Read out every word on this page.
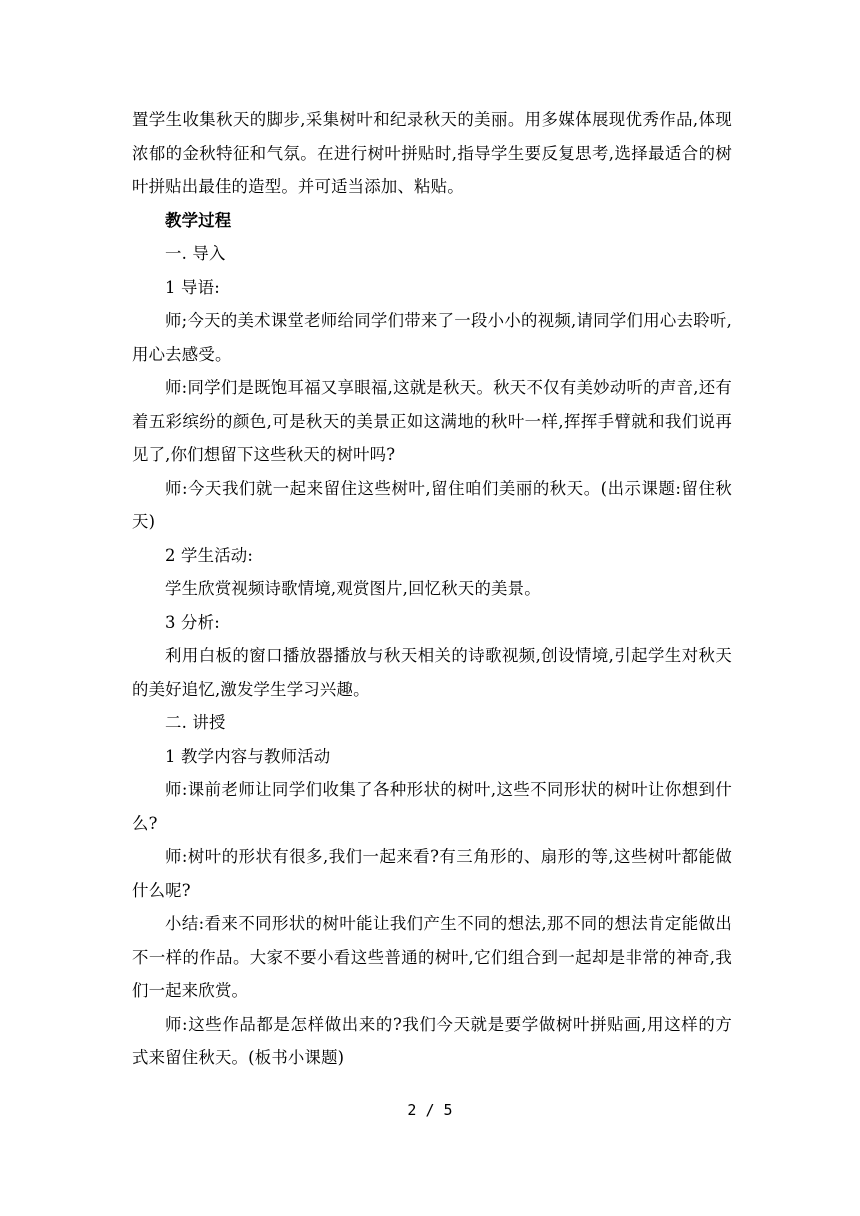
置学生收集秋天的脚步,采集树叶和纪录秋天的美丽。用多媒体展现优秀作品,体现浓郁的金秋特征和气氛。在进行树叶拼贴时,指导学生要反复思考,选择最适合的树叶拼贴出最佳的造型。并可适当添加、粘贴。

教学过程

一. 导入

1 导语:

师;今天的美术课堂老师给同学们带来了一段小小的视频,请同学们用心去聆听,用心去感受。

师:同学们是既饱耳福又享眼福,这就是秋天。秋天不仅有美妙动听的声音,还有着五彩缤纷的颜色,可是秋天的美景正如这满地的秋叶一样,挥挥手臂就和我们说再见了,你们想留下这些秋天的树叶吗?

师:今天我们就一起来留住这些树叶,留住咱们美丽的秋天。(出示课题:留住秋天)

2 学生活动:

学生欣赏视频诗歌情境,观赏图片,回忆秋天的美景。

3 分析:

利用白板的窗口播放器播放与秋天相关的诗歌视频,创设情境,引起学生对秋天的美好追忆,激发学生学习兴趣。

二. 讲授

1 教学内容与教师活动

师:课前老师让同学们收集了各种形状的树叶,这些不同形状的树叶让你想到什么?

师:树叶的形状有很多,我们一起来看?有三角形的、扇形的等,这些树叶都能做什么呢?

小结:看来不同形状的树叶能让我们产生不同的想法,那不同的想法肯定能做出不一样的作品。大家不要小看这些普通的树叶,它们组合到一起却是非常的神奇,我们一起来欣赏。

师:这些作品都是怎样做出来的?我们今天就是要学做树叶拼贴画,用这样的方式来留住秋天。(板书小课题)

2 / 5
